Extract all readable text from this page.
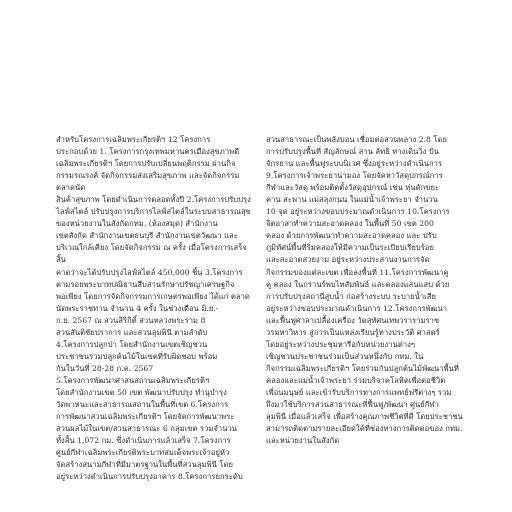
สำหรับโครงการเฉลิมพระเกียรติฯ 12 โครงการ
ประกอบด้วย 1. โครงการกรุงเทพมหานครเมืองสุขภาพดี
เฉลิมพระเกียรติฯ โดยการปรับเปลี่ยนพฤติกรรม ผ่านกิจ
กรรมรณรงค์ จัดกิจกรรมส่งเสริมสุขภาพ และจัดกิจกรรมตลาดนัด
สินค้าสุขภาพ โดยดำเนินการตลอดทั้งปี 2.โครงการปรับปรุง
ไลฟ์สไตล์ ปรับปรุงการบริการไลฟ์สไตล์ในระบบสาธารณสุข
ของหน่วยงานในสังกัดกทม. (ห้องสมุด) สำนักงาน
เขตสังกัด สำนักงานเขตธนบุรี สำนักงานเขตวัฒนา และ
บริเวณใกล้เคียง โดยจัดกิจกรรม ณ ครั้ง เมื่อโครงการเสร็จสิ้น
คาดว่าจะได้ปรับปรุงไลฟ์สไตล์ 450,000 ชิ้น 3.โครงการ
ตามรอยพระบาทปณิธานสืบสานรักษาปรัชญาเศรษฐกิจ
พอเพียง โดยการจัดกิจกรรมการเกษตรพอเพียง ได้แก่ ตลาด
นัดพระราชทาน จำนวน 4 ครั้ง ในช่วงเดือน มิ.ย.-
ก.ย. 2567 ณ สวนสิริกิติ์ สวนหลวงพระราม 8
สวนสันติชัยปราการ และสวนลุมพินี ตามลำดับ
4.โครงการปลูกป่า โดยสำนักงานเขตเชิญชวน
ประชาชนร่วมปลูกต้นไม้ในเขตที่รับผิดชอบ พร้อม
กันในวันที่ 28-28 ก.ค. 2567

5.โครงการพัฒนาศาสนสถานเฉลิมพระเกียรติฯ
โดยสำนักงานเขต 50 เขต พัฒนาปรับปรุง ทำนุบำรุง
วัดพาหนะและสาธารณสถานในพื้นที่เขต 6.โครงการ
การพัฒนาสวนเฉลิมพระเกียรติฯ โดยจัดการพัฒนาพระ
สวนผลไม้ในเขต/สวนสาธารณะ 6 กลุ่มเขต รวมจำนวน
ทั้งสิ้น 1,072 กม. ซึ่งดำเนินการแล้วเสร็จ 7.โครงการ
ศูนย์กีฬาเฉลิมพระเกียรติพระบาทสมเด็จพระเจ้าอยู่หัว
จัดสร้างสนามกีฬาที่มีมาตรฐานในพื้นที่สวนลุมพินี โดย
อยู่ระหว่างดำเนินการปรับปรุงอาคาร 8.โครงการยกระดับ

สวนสาธารณะเป็นพลังบอน เชื่อมต่อสวนพลาง 2.8 โดย
การปรับปรุงพื้นที่ สัญลักษณ์ สาน ลัทธิ ทางเดินวิ่ง ปั่น
จักรยาน และพื้นฟูระบบนิเวศ ซึ่งอยู่ระหว่างดำเนินการ
9.โครงการเจ้าพระยาน่ามอง โดยจัดหาวัสดุปกรณ์การ
กีฬาและวัสดุ พร้อมติดตั้งวัสดุอุปกรณ์ เช่น ทุ่นดักขยะ
คาน สะพาน แม่สลุงกนน ในแม่น้ำเจ้าพระยา จำนวน
10 จุด อยู่ระหว่างขอบประมาณดำเนินการ 10.โครงการ
จิตอาสาทำความสะอาดคลอง ในพื้นที่ 50 เขต 200
คลอง ด้วยการพัฒนาทำความสะอาดคลอง และ ปรับ
ภูมิทัศน์พื้นที่ริมคลองให้มีความเป็นระเบียบเรียบร้อย
และสะอาดสวยงาม อยู่ระหว่างประสานงานการจัด
กิจกรรมของแต่ละเขต เพื่อลงพื้นที่ 11.โครงการพัฒนาคู
คู คลอง ในกรานร์พบไทสัมพันธ์ และคลองแสนแสบ ด้วย
การปรับปรุงสถานีสูบน้ำ ก่อสร้างระบบ ระบายน้ำเสีย
อยู่ระหว่างขอบประมาณดำเนินการ 12.โครงการพัฒนา
และฟื้นฟูศาลาเปลื้องเครื่อง วัดสุทัศนเทพวรารามราช
วรมหาวิหาร สู่การเป็นแหล่งเรียนรู้ทางประวัติ ศาสตร์
โดยอยู่ระหว่างประชุมหารือกับหน่วยงานต่างๆ

เชิญชวนประชาชนร่วมเป็นส่วนหนึ่งกับ กทม. ใน
กิจกรรมเฉลิมพระเกียรติฯ โดยร่วมกันปลูกต้นไม้พัฒนาพื้นที่
คลองและแม่น้ำเจ้าพระยา ร่วมบริจาคโลหิตเพื่อต่อชีวิต
เพื่อนมนุษย์ และเข้ารับบริการทางการแพทย์ฟรีต่างๆ รวม
ถึงมาใช้บริการสวนสาธารณะที่ฟื้นฟู/พัฒนา ศูนย์กีฬา
ลุมพินี เมื่อแล้วเสร็จ เพื่อสร้างคุณภาพชีวิตที่ดี โดยประชาชน
สามารถติดตามรายละเอียดได้ที่ช่องทางการติดต่อของ กทม.
และหน่วยงานในสังกัด
